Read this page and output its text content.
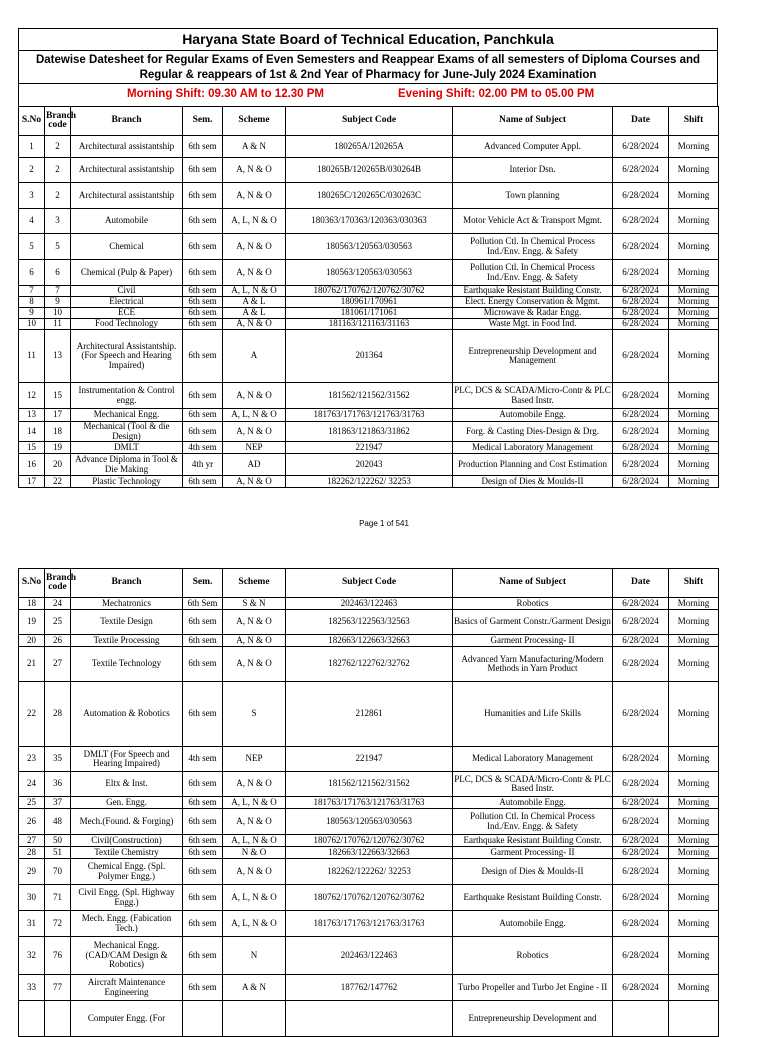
Haryana State Board of Technical Education, Panchkula
Datewise Datesheet for Regular Exams of Even Semesters and Reappear Exams of all semesters of Diploma Courses and
Regular & reappears of 1st & 2nd Year of Pharmacy for June-July 2024 Examination
Morning Shift: 09.30 AM to 12.30 PM	Evening Shift: 02.00 PM to 05.00 PM
S.No	Branch code	Branch	Sem.	Scheme	Subject Code	Name of Subject	Date	Shift
1	2	Architectural assistantship	6th sem	A & N	180265A/120265A	Advanced Computer Appl.	6/28/2024	Morning
2	2	Architectural assistantship	6th sem	A, N & O	180265B/120265B/030264B	Interior Dsn.	6/28/2024	Morning
3	2	Architectural assistantship	6th sem	A, N & O	180265C/120265C/030263C	Town planning	6/28/2024	Morning
4	3	Automobile	6th sem	A, L, N & O	180363/170363/120363/030363	Motor Vehicle Act & Transport Mgmt.	6/28/2024	Morning
5	5	Chemical	6th sem	A, N & O	180563/120563/030563	Pollution Ctl. In Chemical Process Ind./Env. Engg. & Safety	6/28/2024	Morning
6	6	Chemical (Pulp & Paper)	6th sem	A, N & O	180563/120563/030563	Pollution Ctl. In Chemical Process Ind./Env. Engg. & Safety	6/28/2024	Morning
7	7	Civil	6th sem	A, L, N & O	180762/170762/120762/30762	Earthquake Resistant Building Constr.	6/28/2024	Morning
8	9	Electrical	6th sem	A & L	180961/170961	Elect. Energy Conservation & Mgmt.	6/28/2024	Morning
9	10	ECE	6th sem	A & L	181061/171061	Microwave & Radar Engg.	6/28/2024	Morning
10	11	Food Technology	6th sem	A, N & O	181163/121163/31163	Waste Mgt. in Food Ind.	6/28/2024	Morning
11	13	Architectural Assistantship. (For Speech and Hearing Impaired)	6th sem	A	201364	Entrepreneurship Development and Management	6/28/2024	Morning
12	15	Instrumentation & Control engg.	6th sem	A, N & O	181562/121562/31562	PLC, DCS & SCADA/Micro-Contr & PLC Based Instr.	6/28/2024	Morning
13	17	Mechanical Engg.	6th sem	A, L, N & O	181763/171763/121763/31763	Automobile Engg.	6/28/2024	Morning
14	18	Mechanical (Tool & die Design)	6th sem	A, N & O	181863/121863/31862	Forg. & Casting Dies-Design & Drg.	6/28/2024	Morning
15	19	DMLT	4th sem	NEP	221947	Medical Laboratory Management	6/28/2024	Morning
16	20	Advance Diploma in Tool & Die Making	4th yr	AD	202043	Production Planning and Cost Estimation	6/28/2024	Morning
17	22	Plastic Technology	6th sem	A, N & O	182262/122262/ 32253	Design of Dies & Moulds-II	6/28/2024	Morning
Page 1 of 541
S.No	Branch code	Branch	Sem.	Scheme	Subject Code	Name of Subject	Date	Shift
18	24	Mechatronics	6th Sem	S & N	202463/122463	Robotics	6/28/2024	Morning
19	25	Textile Design	6th sem	A, N & O	182563/122563/32563	Basics of Garment Constr./Garment Design	6/28/2024	Morning
20	26	Textile Processing	6th sem	A, N & O	182663/122663/32663	Garment Processing- II	6/28/2024	Morning
21	27	Textile Technology	6th sem	A, N & O	182762/122762/32762	Advanced Yarn Manufacturing/Modern Methods in Yarn Product	6/28/2024	Morning
22	28	Automation & Robotics	6th sem	S	212861	Humanities and Life Skills	6/28/2024	Morning
23	35	DMLT (For Speech and Hearing Impaired)	4th sem	NEP	221947	Medical Laboratory Management	6/28/2024	Morning
24	36	Eltx & Inst.	6th sem	A, N & O	181562/121562/31562	PLC, DCS & SCADA/Micro-Contr & PLC Based Instr.	6/28/2024	Morning
25	37	Gen. Engg.	6th sem	A, L, N & O	181763/171763/121763/31763	Automobile Engg.	6/28/2024	Morning
26	48	Mech.(Found. & Forging)	6th sem	A, N & O	180563/120563/030563	Pollution Ctl. In Chemical Process Ind./Env. Engg. & Safety	6/28/2024	Morning
27	50	Civil(Construction)	6th sem	A, L, N & O	180762/170762/120762/30762	Earthquake Resistant Building Constr.	6/28/2024	Morning
28	51	Textile Chemistry	6th sem	N & O	182663/122663/32663	Garment Processing- II	6/28/2024	Morning
29	70	Chemical Engg. (Spl. Polymer Engg.)	6th sem	A, N & O	182262/122262/ 32253	Design of Dies & Moulds-II	6/28/2024	Morning
30	71	Civil Engg. (Spl. Highway Engg.)	6th sem	A, L, N & O	180762/170762/120762/30762	Earthquake Resistant Building Constr.	6/28/2024	Morning
31	72	Mech. Engg. (Fabication Tech.)	6th sem	A, L, N & O	181763/171763/121763/31763	Automobile Engg.	6/28/2024	Morning
32	76	Mechanical Engg. (CAD/CAM Design & Robotics)	6th sem	N	202463/122463	Robotics	6/28/2024	Morning
33	77	Aircraft Maintenance Engineering	6th sem	A & N	187762/147762	Turbo Propeller and Turbo Jet Engine - II	6/28/2024	Morning
		Computer Engg. (For				Entrepreneurship Development and		
